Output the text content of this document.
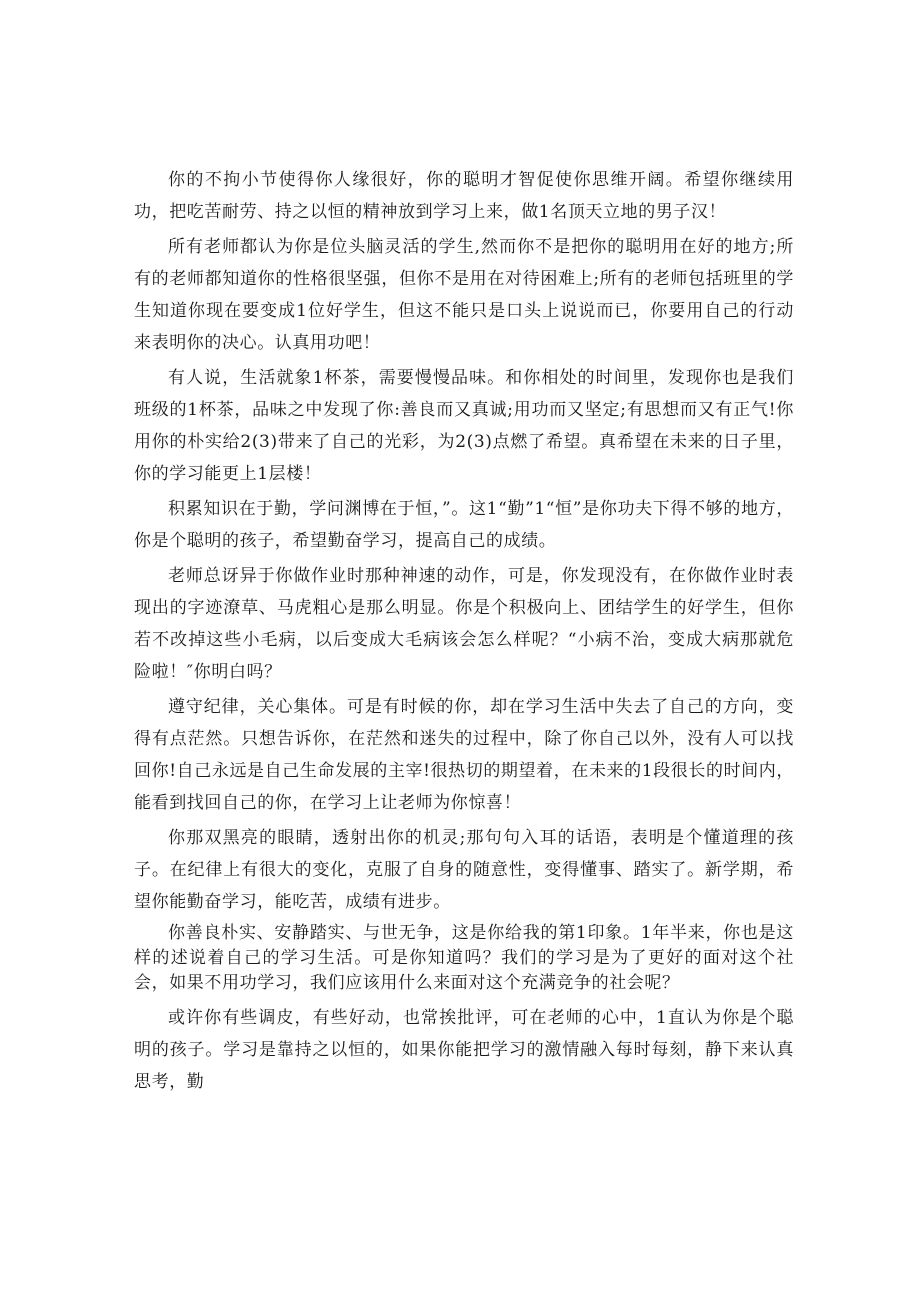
你的不拘小节使得你人缘很好，你的聪明才智促使你思维开阔。希望你继续用功，把吃苦耐劳、持之以恒的精神放到学习上来，做1名顶天立地的男子汉！

所有老师都认为你是位头脑灵活的学生,然而你不是把你的聪明用在好的地方;所有的老师都知道你的性格很坚强，但你不是用在对待困难上;所有的老师包括班里的学生知道你现在要变成1位好学生，但这不能只是口头上说说而已，你要用自己的行动来表明你的决心。认真用功吧！

有人说，生活就象1杯茶，需要慢慢品味。和你相处的时间里，发现你也是我们班级的1杯茶，品味之中发现了你:善良而又真诚;用功而又坚定;有思想而又有正气!你用你的朴实给2(3)带来了自己的光彩，为2(3)点燃了希望。真希望在未来的日子里，你的学习能更上1层楼！

积累知识在于勤，学问渊博在于恒，”。这1“勤”1“恒”是你功夫下得不够的地方，你是个聪明的孩子，希望勤奋学习，提高自己的成绩。

老师总讶异于你做作业时那种神速的动作，可是，你发现没有，在你做作业时表现出的字迹潦草、马虎粗心是那么明显。你是个积极向上、团结学生的好学生，但你若不改掉这些小毛病，以后变成大毛病该会怎么样呢？“小病不治，变成大病那就危险啦！″你明白吗？

遵守纪律，关心集体。可是有时候的你，却在学习生活中失去了自己的方向，变得有点茫然。只想告诉你，在茫然和迷失的过程中，除了你自己以外，没有人可以找回你!自己永远是自己生命发展的主宰!很热切的期望着，在未来的1段很长的时间内，能看到找回自己的你，在学习上让老师为你惊喜！

你那双黑亮的眼睛，透射出你的机灵;那句句入耳的话语，表明是个懂道理的孩子。在纪律上有很大的变化，克服了自身的随意性，变得懂事、踏实了。新学期，希望你能勤奋学习，能吃苦，成绩有进步。

你善良朴实、安静踏实、与世无争，这是你给我的第1印象。1年半来，你也是这样的述说着自己的学习生活。可是你知道吗？我们的学习是为了更好的面对这个社会，如果不用功学习，我们应该用什么来面对这个充满竞争的社会呢？

或许你有些调皮，有些好动，也常挨批评，可在老师的心中，1直认为你是个聪明的孩子。学习是靠持之以恒的，如果你能把学习的激情融入每时每刻，静下来认真思考，勤
